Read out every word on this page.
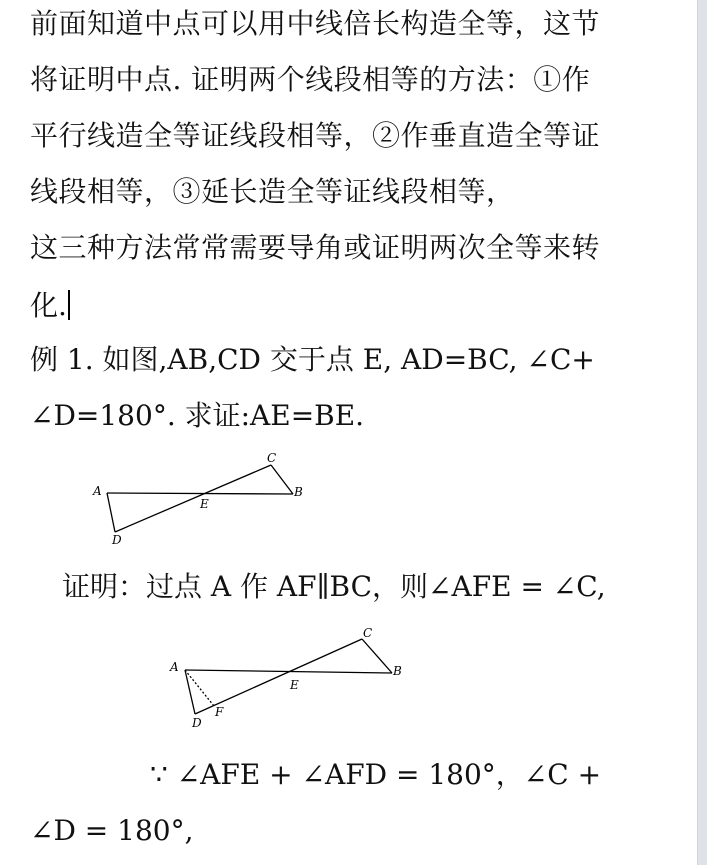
前面知道中点可以用中线倍长构造全等，这节
将证明中点. 证明两个线段相等的方法：①作
平行线造全等证线段相等，②作垂直造全等证
线段相等，③延长造全等证线段相等，
这三种方法常常需要导角或证明两次全等来转
化.
例 1. 如图,AB,CD 交于点 E, AD=BC, ∠C+
∠D=180°. 求证:AE=BE.
A	B
C
D
E
证明：过点 A 作 AF∥BC，则∠AFE = ∠C,
A	B
C
D
E
F
∵ ∠AFE + ∠AFD = 180°，∠C +
∠D = 180°,
